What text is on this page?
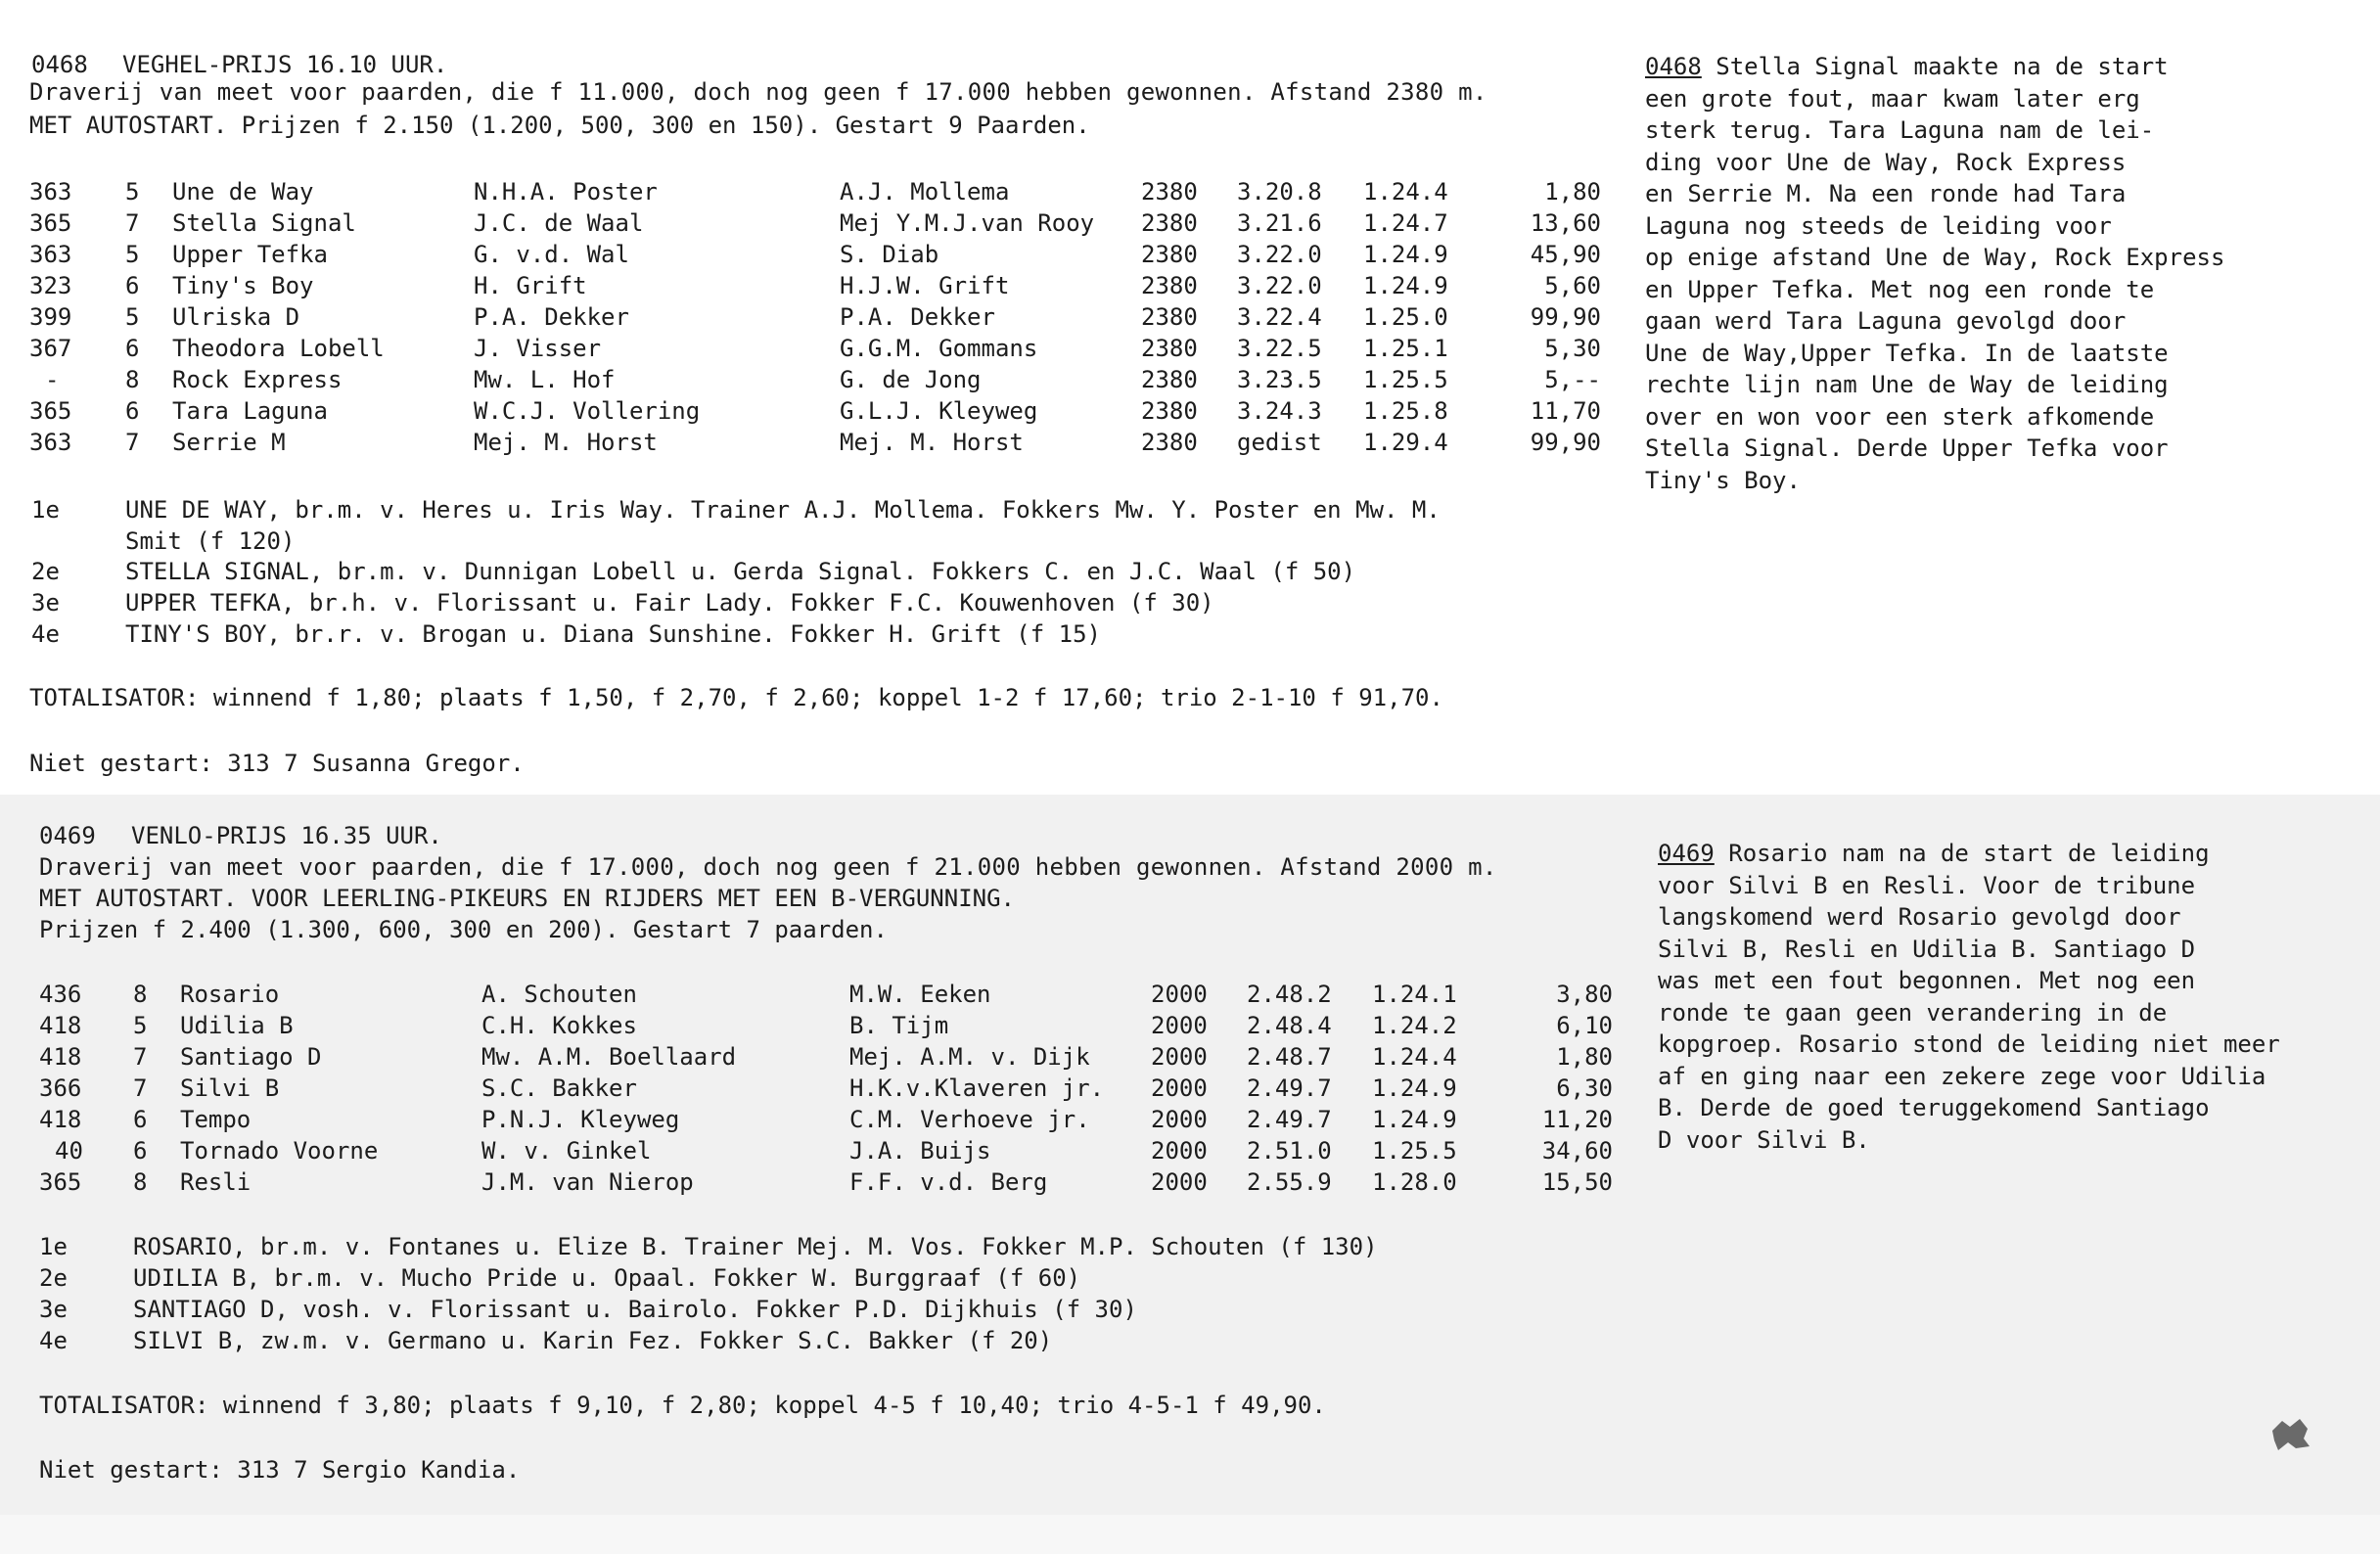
0468 VEGHEL-PRIJS 16.10 UUR.
Draverij van meet voor paarden, die f 11.000, doch nog geen f 17.000 hebben gewonnen. Afstand 2380 m.
MET AUTOSTART. Prijzen f 2.150 (1.200, 500, 300 en 150). Gestart 9 Paarden.
363 5 Une de Way	N.H.A. Poster	A.J. Mollema	2380 3.20.8 1.24.4	1,80
365 7 Stella Signal	J.C. de Waal	Mej Y.M.J.van Rooy 2380 3.21.6 1.24.7	13,60
363 5 Upper Tefka	G. v.d. Wal	S. Diab	2380 3.22.0 1.24.9	45,90
323 6 Tiny's Boy	H. Grift	H.J.W. Grift	2380 3.22.0 1.24.9	5,60
399 5 Ulriska D	P.A. Dekker	P.A. Dekker	2380 3.22.4 1.25.0	99,90
367 6 Theodora Lobell	J. Visser	G.G.M. Gommans	2380 3.22.5 1.25.1	5,30
-	8 Rock Express	Mw. L. Hof	G. de Jong	2380 3.23.5 1.25.5	5,--
365 6 Tara Laguna	W.C.J. Vollering	G.L.J. Kleyweg	2380 3.24.3 1.25.8	11,70
363 7 Serrie M	Mej. M. Horst	Mej. M. Horst	2380 gedist 1.29.4	99,90
1e	UNE DE WAY, br.m. v. Heres u. Iris Way. Trainer A.J. Mollema. Fokkers Mw. Y. Poster en Mw. M.
Smit (f 120)
2e	STELLA SIGNAL, br.m. v. Dunnigan Lobell u. Gerda Signal. Fokkers C. en J.C. Waal (f 50)
3e	UPPER TEFKA, br.h. v. Florissant u. Fair Lady. Fokker F.C. Kouwenhoven (f 30)
4e	TINY'S BOY, br.r. v. Brogan u. Diana Sunshine. Fokker H. Grift (f 15)
TOTALISATOR: winnend f 1,80; plaats f 1,50, f 2,70, f 2,60; koppel 1-2 f 17,60; trio 2-1-10 f 91,70.
Niet gestart: 313 7 Susanna Gregor.
0468 Stella Signal maakte na de start
een grote fout, maar kwam later erg
sterk terug. Tara Laguna nam de lei-
ding voor Une de Way, Rock Express
en Serrie M. Na een ronde had Tara
Laguna nog steeds de leiding voor
op enige afstand Une de Way, Rock Express
en Upper Tefka. Met nog een ronde te
gaan werd Tara Laguna gevolgd door
Une de Way,Upper Tefka. In de laatste
rechte lijn nam Une de Way de leiding
over en won voor een sterk afkomende
Stella Signal. Derde Upper Tefka voor
Tiny's Boy.
0469 VENLO-PRIJS 16.35 UUR.
Draverij van meet voor paarden, die f 17.000, doch nog geen f 21.000 hebben gewonnen. Afstand 2000 m.
MET AUTOSTART. VOOR LEERLING-PIKEURS EN RIJDERS MET EEN B-VERGUNNING.
Prijzen f 2.400 (1.300, 600, 300 en 200). Gestart 7 paarden.
436 8 Rosario	A. Schouten	M.W. Eeken	2000 2.48.2 1.24.1	3,80
418 5 Udilia B	C.H. Kokkes	B. Tijm	2000 2.48.4 1.24.2	6,10
418 7 Santiago D	Mw. A.M. Boellaard	Mej. A.M. v. Dijk	2000 2.48.7 1.24.4	1,80
366 7 Silvi B	S.C. Bakker	H.K.v.Klaveren jr. 2000 2.49.7 1.24.9	6,30
418 6 Tempo	P.N.J. Kleyweg	C.M. Verhoeve jr.	2000 2.49.7 1.24.9	11,20
40 6 Tornado Voorne	W. v. Ginkel	J.A. Buijs	2000 2.51.0 1.25.5	34,60
365 8 Resli	J.M. van Nierop	F.F. v.d. Berg	2000 2.55.9 1.28.0	15,50
1e	ROSARIO, br.m. v. Fontanes u. Elize B. Trainer Mej. M. Vos. Fokker M.P. Schouten (f 130)
2e	UDILIA B, br.m. v. Mucho Pride u. Opaal. Fokker W. Burggraaf (f 60)
3e	SANTIAGO D, vosh. v. Florissant u. Bairolo. Fokker P.D. Dijkhuis (f 30)
4e	SILVI B, zw.m. v. Germano u. Karin Fez. Fokker S.C. Bakker (f 20)
TOTALISATOR: winnend f 3,80; plaats f 9,10, f 2,80; koppel 4-5 f 10,40; trio 4-5-1 f 49,90.
Niet gestart: 313 7 Sergio Kandia.
0469 Rosario nam na de start de leiding
voor Silvi B en Resli. Voor de tribune
langskomend werd Rosario gevolgd door
Silvi B, Resli en Udilia B. Santiago D
was met een fout begonnen. Met nog een
ronde te gaan geen verandering in de
kopgroep. Rosario stond de leiding niet meer
af en ging naar een zekere zege voor Udilia
B. Derde de goed teruggekomend Santiago
D voor Silvi B.
